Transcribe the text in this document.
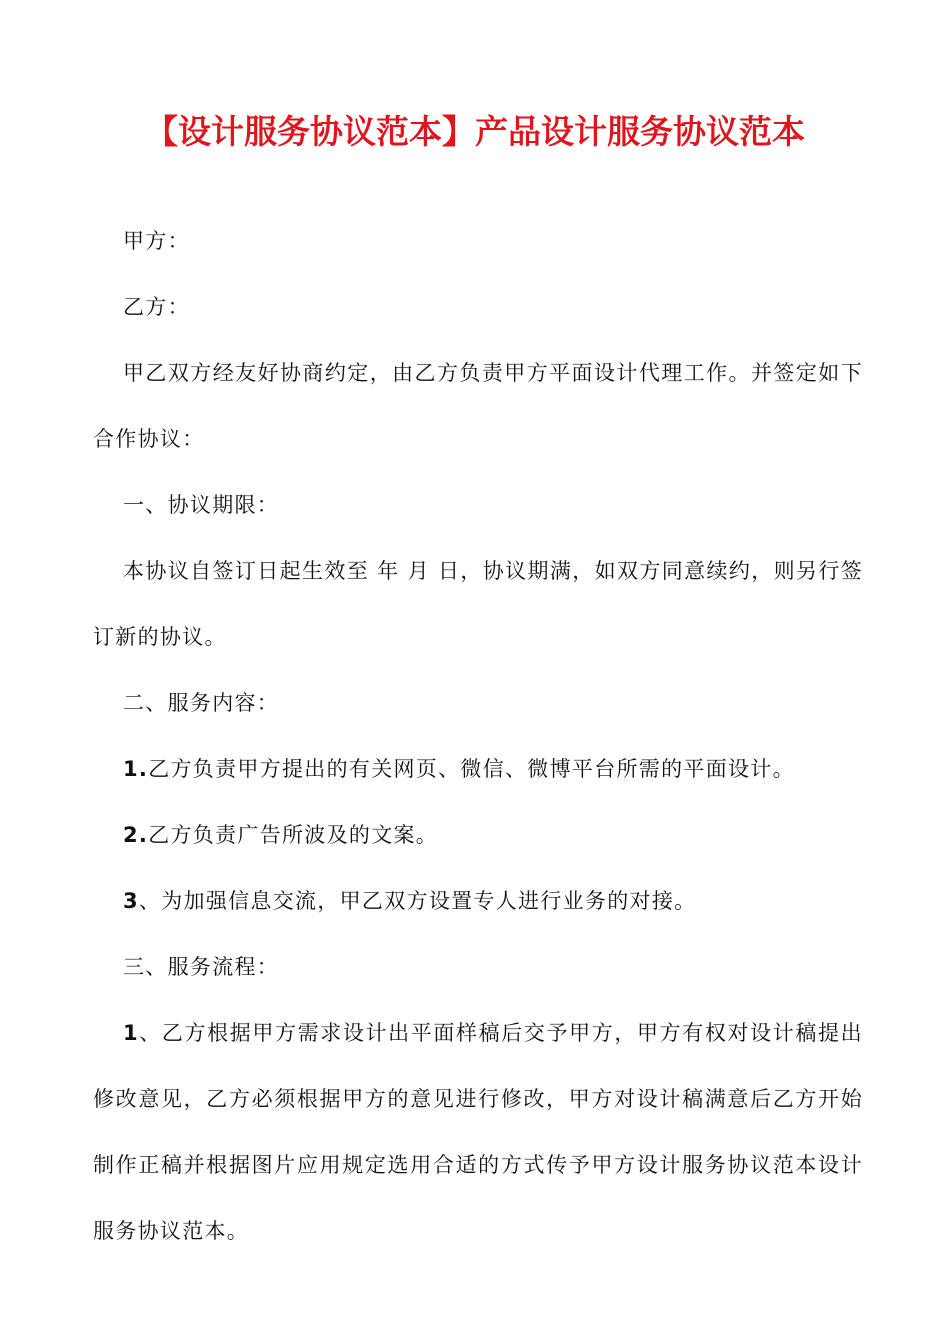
【设计服务协议范本】产品设计服务协议范本

甲方：

乙方：

甲乙双方经友好协商约定，由乙方负责甲方平面设计代理工作。并签定如下合作协议：

一、协议期限：

本协议自签订日起生效至 年 月 日，协议期满，如双方同意续约，则另行签订新的协议。

二、服务内容：

1.乙方负责甲方提出的有关网页、微信、微博平台所需的平面设计。

2.乙方负责广告所波及的文案。

3、为加强信息交流，甲乙双方设置专人进行业务的对接。

三、服务流程：

1、乙方根据甲方需求设计出平面样稿后交予甲方，甲方有权对设计稿提出修改意见，乙方必须根据甲方的意见进行修改，甲方对设计稿满意后乙方开始制作正稿并根据图片应用规定选用合适的方式传予甲方设计服务协议范本设计服务协议范本。
